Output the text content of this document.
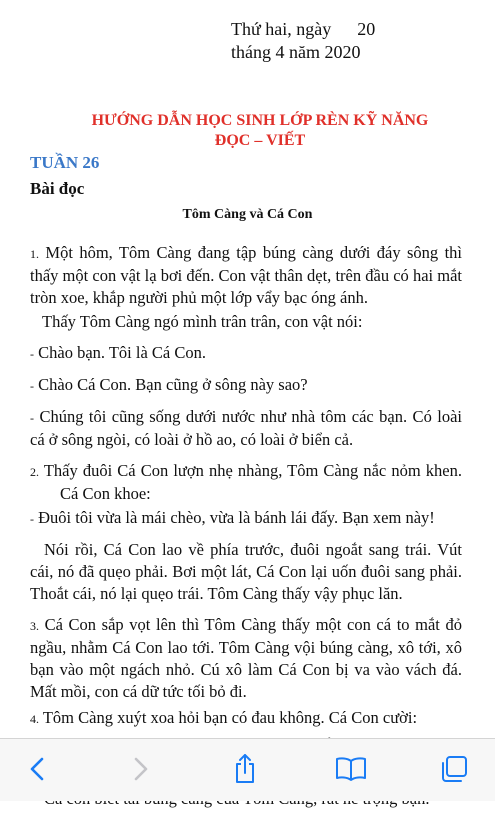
Thứ hai, ngày 20
tháng 4 năm 2020
HƯỚNG DẪN HỌC SINH LỚP RÈN KỸ NĂNG
ĐỌC – VIẾT
TUẦN 26
Bài đọc
Tôm Càng và Cá Con

1. Một hôm, Tôm Càng đang tập búng càng dưới đáy sông thì thấy một con vật lạ bơi đến. Con vật thân dẹt, trên đầu có hai mắt tròn xoe, khắp người phủ một lớp vẩy bạc óng ánh.

Thấy Tôm Càng ngó mình trân trân, con vật nói:

- Chào bạn. Tôi là Cá Con.

- Chào Cá Con. Bạn cũng ở sông này sao?

- Chúng tôi cũng sống dưới nước như nhà tôm các bạn. Có loài cá ở sông ngòi, có loài ở hồ ao, có loài ở biển cả.

2. Thấy đuôi Cá Con lượn nhẹ nhàng, Tôm Càng nắc nỏm khen. Cá Con khoe:

- Đuôi tôi vừa là mái chèo, vừa là bánh lái đấy. Bạn xem này!

Nói rồi, Cá Con lao về phía trước, đuôi ngoắt sang trái. Vút cái, nó đã quẹo phải. Bơi một lát, Cá Con lại uốn đuôi sang phải. Thoắt cái, nó lại quẹo trái. Tôm Càng thấy vậy phục lăn.

3. Cá Con sắp vọt lên thì Tôm Càng thấy một con cá to mắt đỏ ngầu, nhằm Cá Con lao tới. Tôm Càng vội búng càng, xô tới, xô bạn vào một ngách nhỏ. Cú xô làm Cá Con bị va vào vách đá. Mất mồi, con cá dữ tức tối bỏ đi.

4. Tôm Càng xuýt xoa hỏi bạn có đau không. Cá Con cười:
